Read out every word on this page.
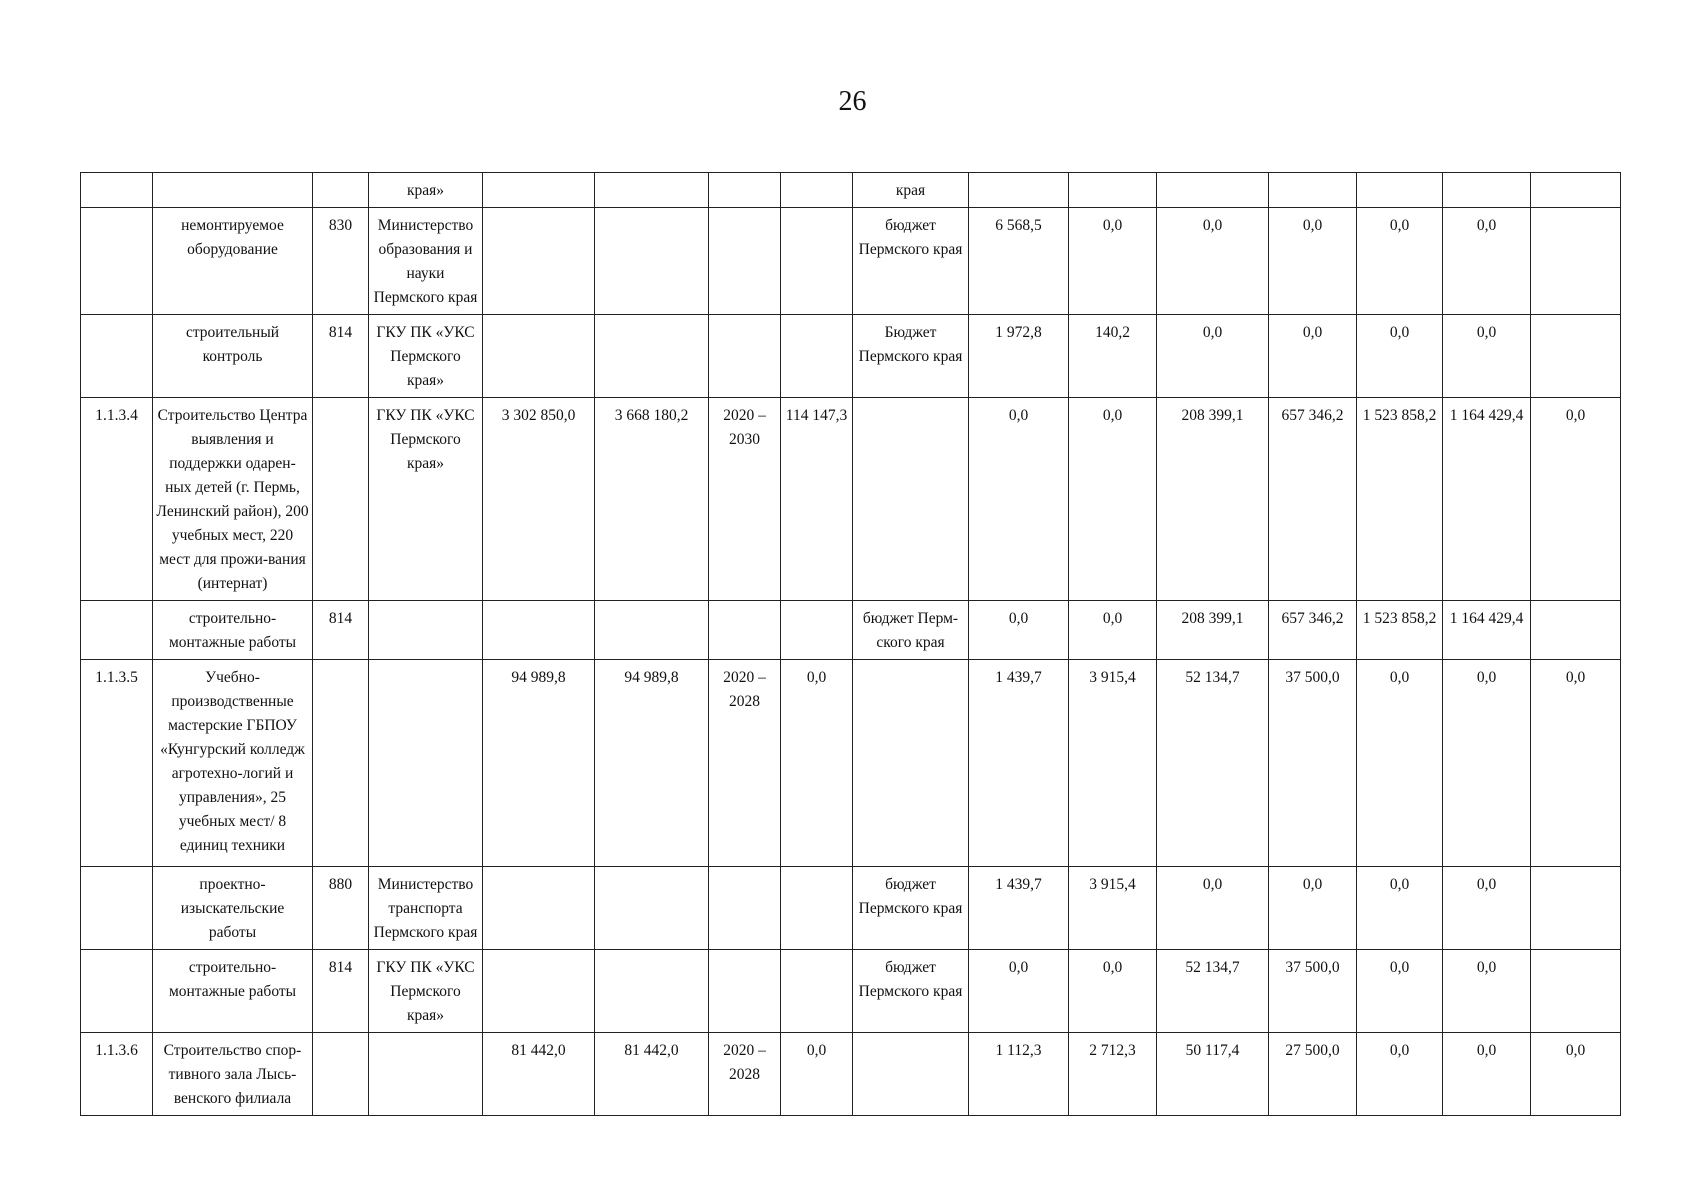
26
			края»					края							
	немонтируемое оборудование	830	Министерство образования и науки Пермского края					бюджет Пермского края	6 568,5	0,0	0,0	0,0	0,0	0,0	
	строительный контроль	814	ГКУ ПК «УКС Пермского края»					Бюджет Пермского края	1 972,8	140,2	0,0	0,0	0,0	0,0	
1.1.3.4	Строительство Центра выявления и поддержки одарен-ных детей (г. Пермь, Ленинский район), 200 учебных мест, 220 мест для прожи-вания (интернат)		ГКУ ПК «УКС Пермского края»	3 302 850,0	3 668 180,2	2020 – 2030	114 147,3		0,0	0,0	208 399,1	657 346,2	1 523 858,2	1 164 429,4	0,0
	строительно-монтажные работы	814						бюджет Перм-ского края	0,0	0,0	208 399,1	657 346,2	1 523 858,2	1 164 429,4	
1.1.3.5	Учебно-производственные мастерские ГБПОУ «Кунгурский колледж агротехно-логий и управления», 25 учебных мест/ 8 единиц техники			94 989,8	94 989,8	2020 – 2028	0,0		1 439,7	3 915,4	52 134,7	37 500,0	0,0	0,0	0,0
	проектно-изыскательские работы	880	Министерство транспорта Пермского края					бюджет Пермского края	1 439,7	3 915,4	0,0	0,0	0,0	0,0	
	строительно-монтажные работы	814	ГКУ ПК «УКС Пермского края»					бюджет Пермского края	0,0	0,0	52 134,7	37 500,0	0,0	0,0	
1.1.3.6	Строительство спор-тивного зала Лысь-венского филиала			81 442,0	81 442,0	2020 – 2028	0,0		1 112,3	2 712,3	50 117,4	27 500,0	0,0	0,0	0,0
